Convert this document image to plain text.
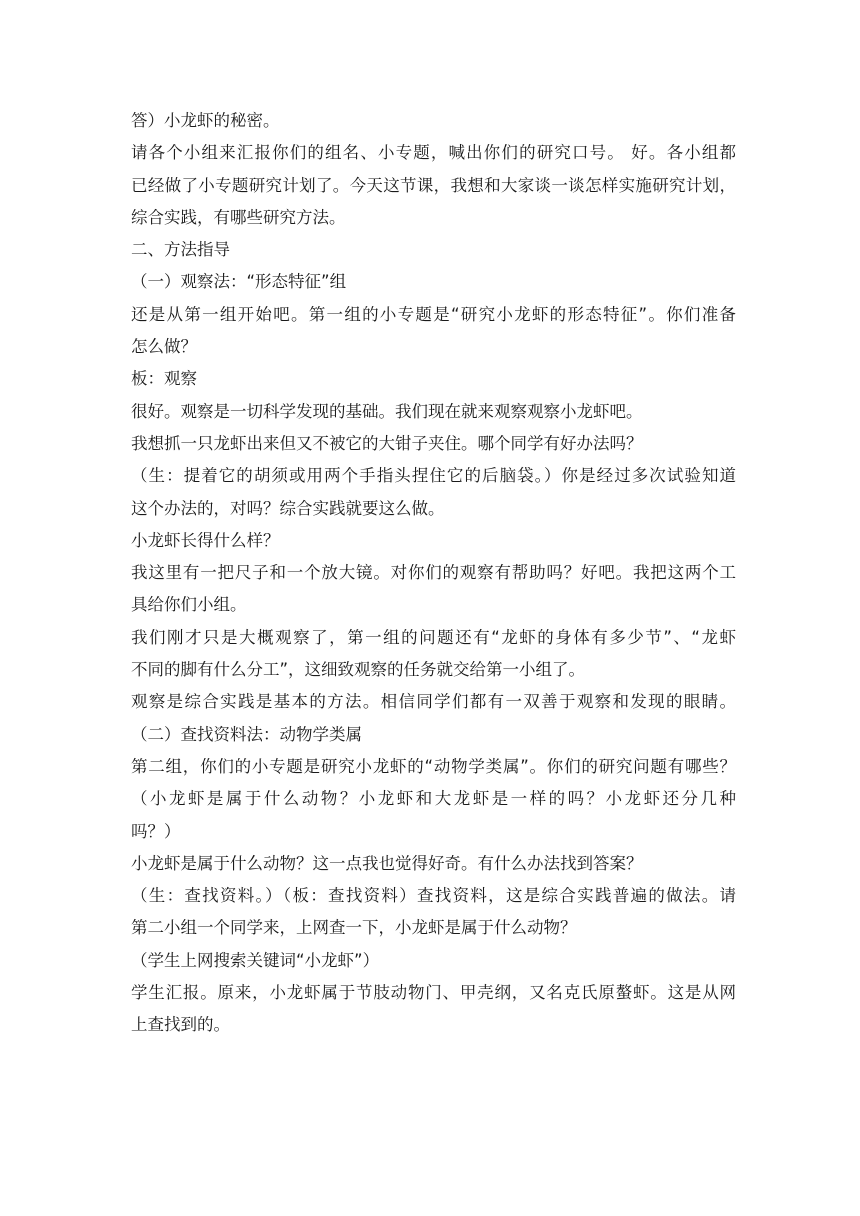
答）小龙虾的秘密。
请各个小组来汇报你们的组名、小专题，喊出你们的研究口号。 好。各小组都
已经做了小专题研究计划了。今天这节课，我想和大家谈一谈怎样实施研究计划，
综合实践，有哪些研究方法。
二、方法指导
（一）观察法：“形态特征”组
还是从第一组开始吧。第一组的小专题是“研究小龙虾的形态特征”。你们准备
怎么做？
板：观察
很好。观察是一切科学发现的基础。我们现在就来观察观察小龙虾吧。
我想抓一只龙虾出来但又不被它的大钳子夹住。哪个同学有好办法吗？
（生：提着它的胡须或用两个手指头捏住它的后脑袋。）你是经过多次试验知道
这个办法的，对吗？综合实践就要这么做。
小龙虾长得什么样？
我这里有一把尺子和一个放大镜。对你们的观察有帮助吗？好吧。我把这两个工
具给你们小组。
我们刚才只是大概观察了，第一组的问题还有“龙虾的身体有多少节”、“龙虾
不同的脚有什么分工”，这细致观察的任务就交给第一小组了。
观察是综合实践是基本的方法。相信同学们都有一双善于观察和发现的眼睛。
（二）查找资料法：动物学类属
第二组，你们的小专题是研究小龙虾的“动物学类属”。你们的研究问题有哪些？
（小龙虾是属于什么动物？小龙虾和大龙虾是一样的吗？小龙虾还分几种
吗？）
小龙虾是属于什么动物？这一点我也觉得好奇。有什么办法找到答案？
（生：查找资料。）（板：查找资料）查找资料，这是综合实践普遍的做法。请
第二小组一个同学来，上网查一下，小龙虾是属于什么动物？
（学生上网搜索关键词“小龙虾”）
学生汇报。原来，小龙虾属于节肢动物门、甲壳纲，又名克氏原螯虾。这是从网
上查找到的。
